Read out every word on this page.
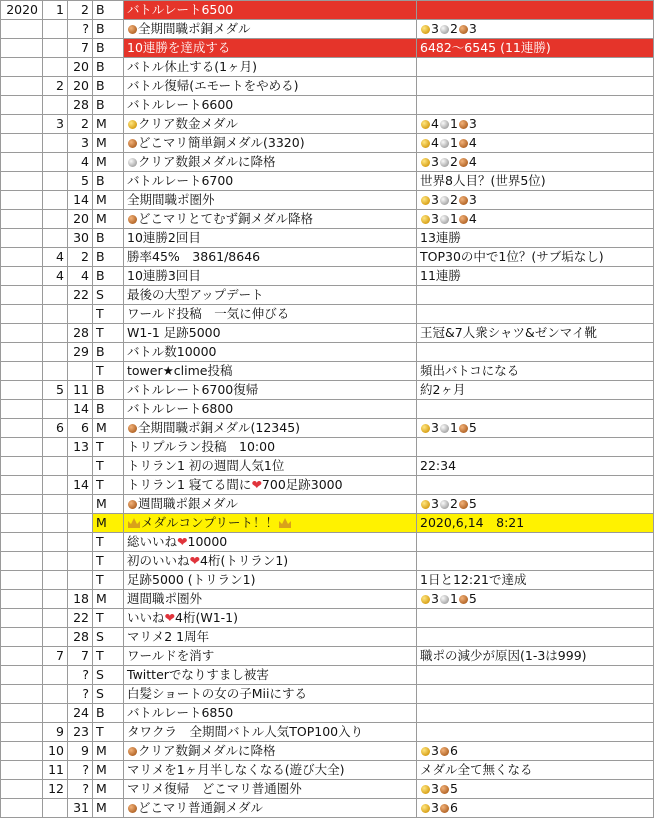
2020	1	2	B	バトルレート6500	
		?	B	全期間職ポ銅メダル	3 2 3
		7	B	10連勝を達成する	6482～6545 (11連勝)
		20	B	バトル休止する(1ヶ月)	
	2	20	B	バトル復帰(エモートをやめる)	
		28	B	バトルレート6600	
	3	2	M	クリア数金メダル	4 1 3
		3	M	どこマリ簡単銅メダル(3320)	4 1 4
		4	M	クリア数銀メダルに降格	3 2 4
		5	B	バトルレート6700	世界8人目？(世界5位)
		14	M	全期間職ポ圏外	3 2 3
		20	M	どこマリとてむず銅メダル降格	3 1 4
		30	B	10連勝2回目	13連勝
	4	2	B	勝率45%　3861/8646	TOP30の中で1位？(サブ垢なし)
	4	4	B	10連勝3回目	11連勝
		22	S	最後の大型アップデート	
			T	ワールド投稿　一気に伸びる	
		28	T	W1-1 足跡5000	王冠&7人衆シャツ&ゼンマイ靴
		29	B	バトル数10000	
			T	tower★clime投稿	頻出バトコになる
	5	11	B	バトルレート6700復帰	約2ヶ月
		14	B	バトルレート6800	
	6	6	M	全期間職ポ銅メダル(12345)	3 1 5
		13	T	トリプルラン投稿　10:00	
			T	トリラン1 初の週間人気1位	22:34
		14	T	トリラン1 寝てる間に❤700足跡3000	
			M	週間職ポ銀メダル	3 2 5
			M	メダルコンプリート！！	2020,6,14　8:21
			T	総いいね❤10000	
			T	初のいいね❤4桁(トリラン1)	
			T	足跡5000 (トリラン1)	1日と12:21で達成
		18	M	週間職ポ圏外	3 1 5
		22	T	いいね❤4桁(W1-1)	
		28	S	マリメ2 1周年	
	7	7	T	ワールドを消す	職ポの減少が原因(1-3は999)
		?	S	Twitterでなりすまし被害	
		?	S	白髪ショートの女の子Miiにする	
		24	B	バトルレート6850	
	9	23	T	タワクラ　全期間バトル人気TOP100入り	
	10	9	M	クリア数銅メダルに降格	3 6
	11	?	M	マリメを1ヶ月半しなくなる(遊び大全)	メダル全て無くなる
	12	?	M	マリメ復帰　どこマリ普通圏外	3 5
		31	M	どこマリ普通銅メダル	3 6
